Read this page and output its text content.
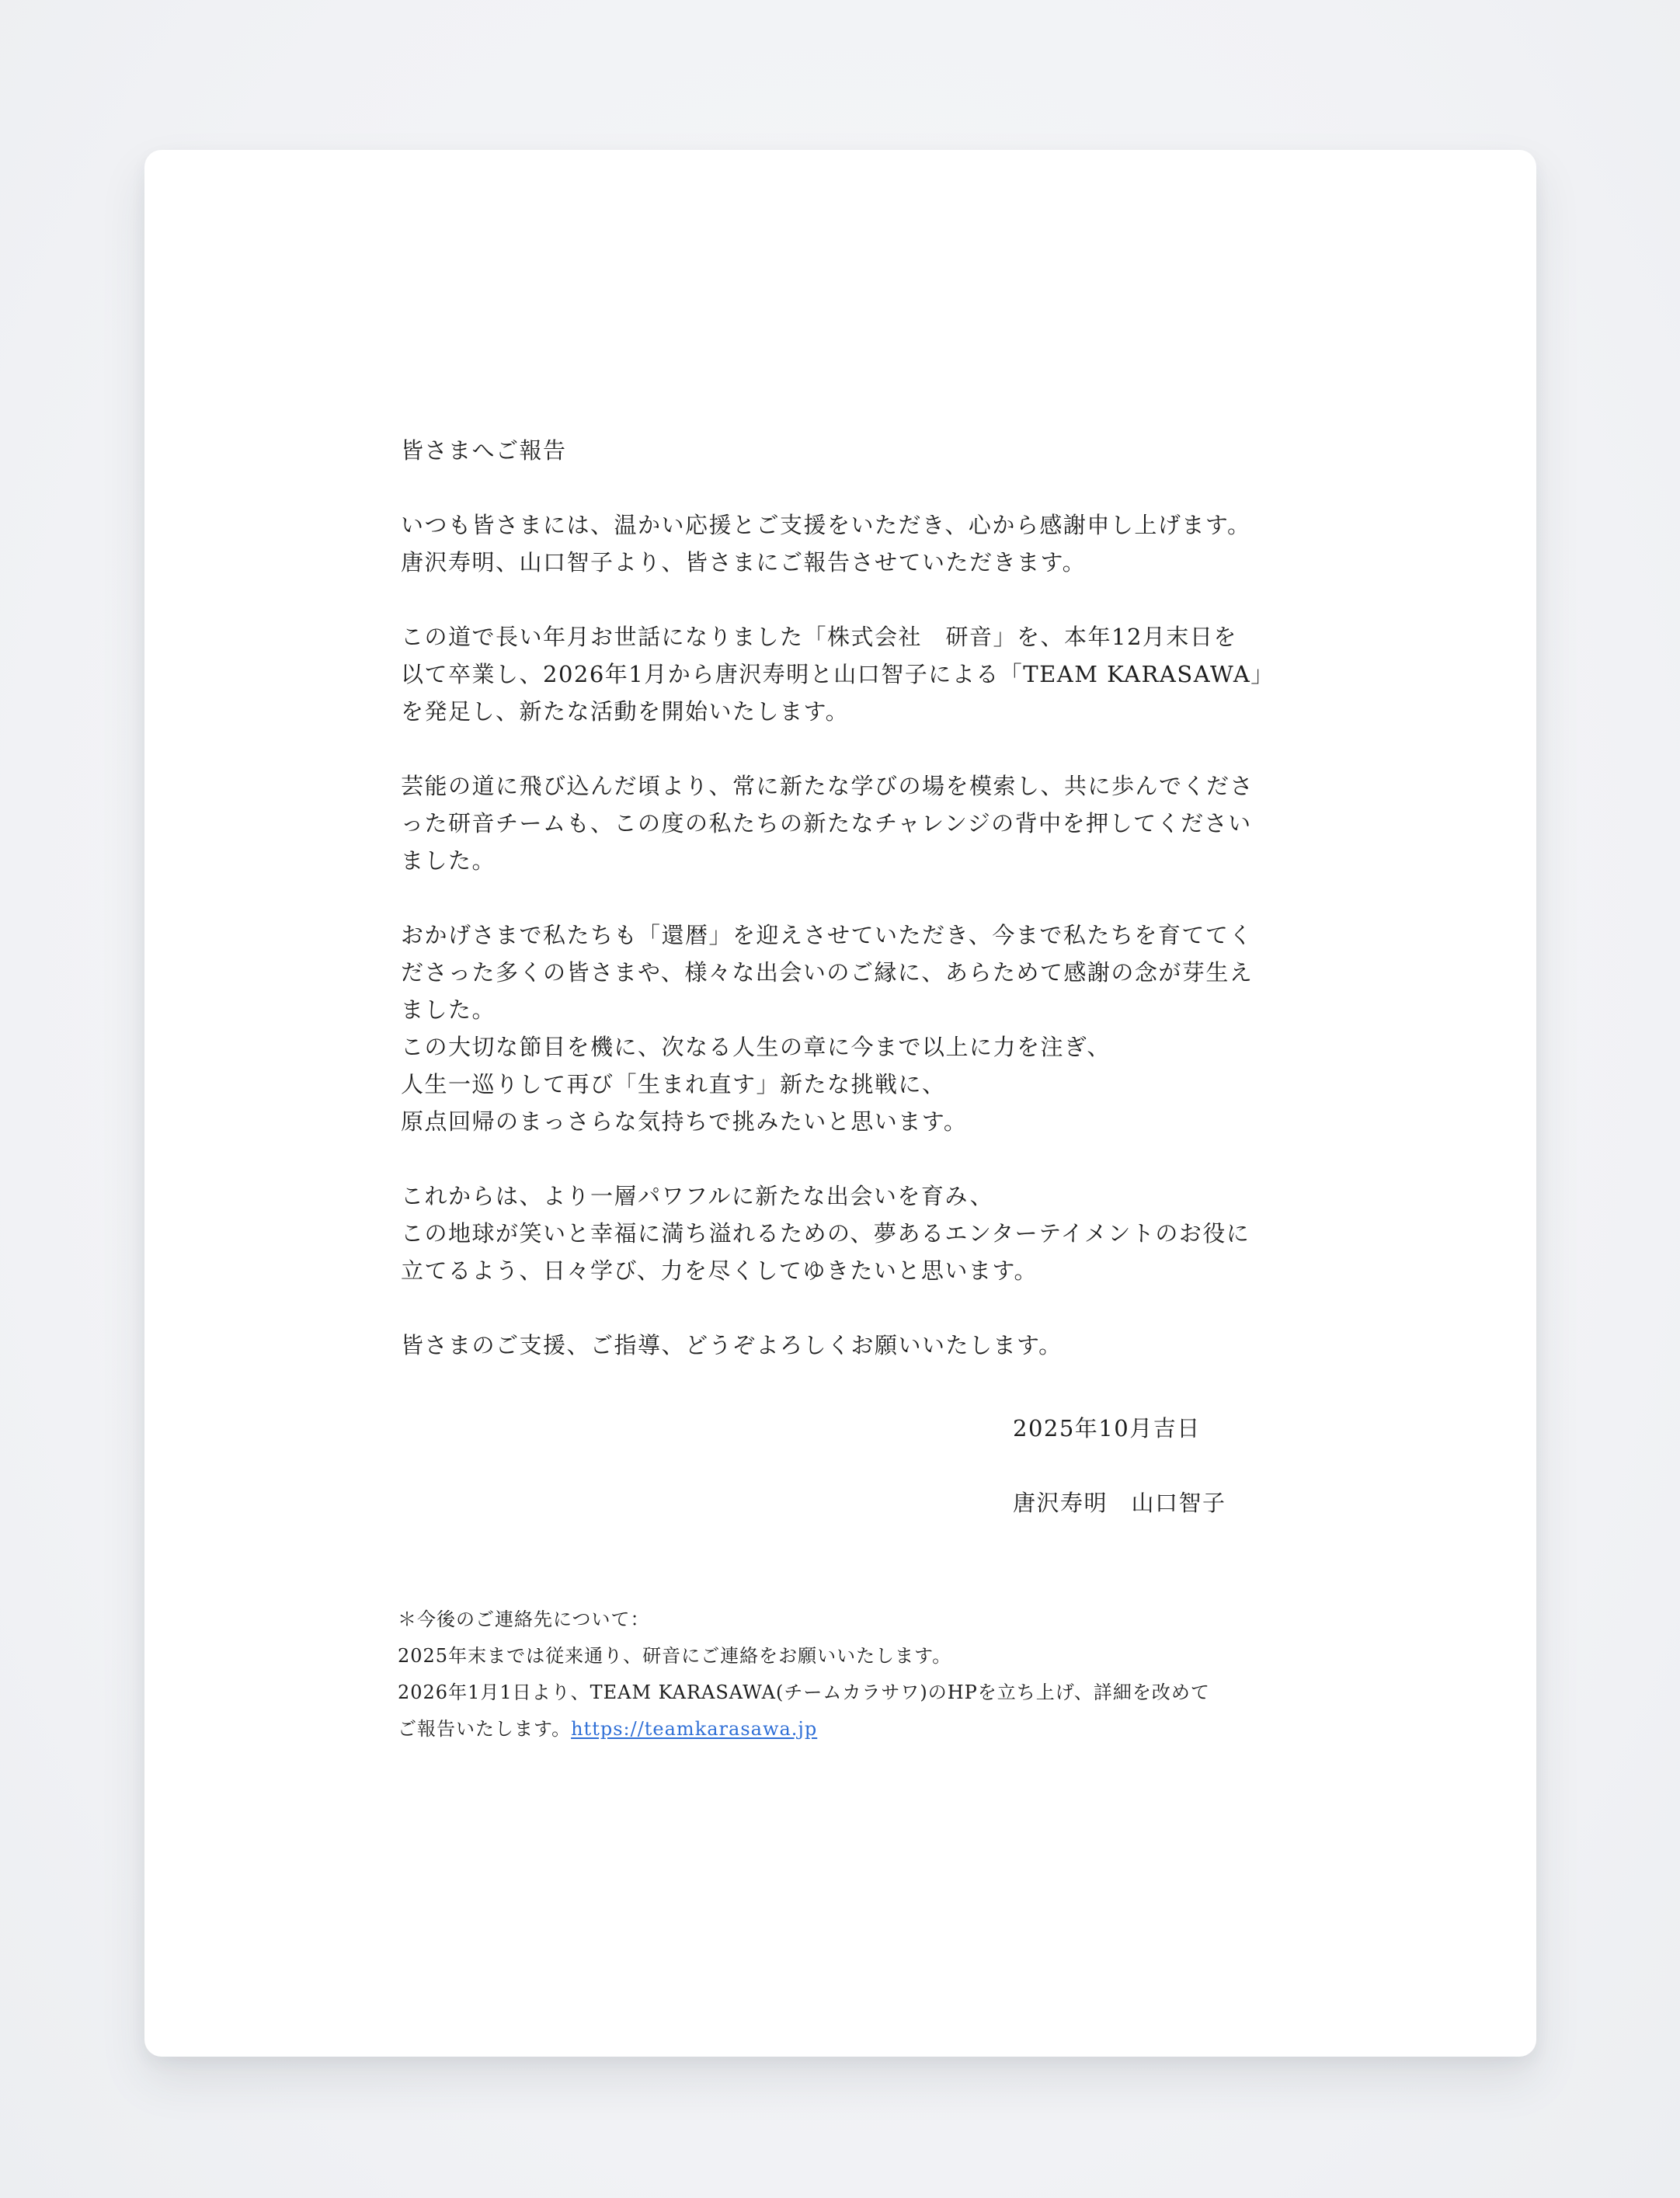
皆さまへご報告

いつも皆さまには、温かい応援とご支援をいただき、心から感謝申し上げます。

唐沢寿明、山口智子より、皆さまにご報告させていただきます。

この道で長い年月お世話になりました「株式会社　研音」を、本年12月末日を

以て卒業し、2026年1月から唐沢寿明と山口智子による「TEAM KARASAWA」

を発足し、新たな活動を開始いたします。

芸能の道に飛び込んだ頃より、常に新たな学びの場を模索し、共に歩んでくださ

った研音チームも、この度の私たちの新たなチャレンジの背中を押してください

ました。

おかげさまで私たちも「還暦」を迎えさせていただき、今まで私たちを育ててく

ださった多くの皆さまや、様々な出会いのご縁に、あらためて感謝の念が芽生え

ました。

この大切な節目を機に、次なる人生の章に今まで以上に力を注ぎ、

人生一巡りして再び「生まれ直す」新たな挑戦に、

原点回帰のまっさらな気持ちで挑みたいと思います。

これからは、より一層パワフルに新たな出会いを育み、

この地球が笑いと幸福に満ち溢れるための、夢あるエンターテイメントのお役に

立てるよう、日々学び、力を尽くしてゆきたいと思います。

皆さまのご支援、ご指導、どうぞよろしくお願いいたします。

2025年10月吉日
唐沢寿明　山口智子

＊今後のご連絡先について：

2025年末までは従来通り、研音にご連絡をお願いいたします。

2026年1月1日より、TEAM KARASAWA(チームカラサワ)のHPを立ち上げ、詳細を改めて

ご報告いたします。https://teamkarasawa.jp
